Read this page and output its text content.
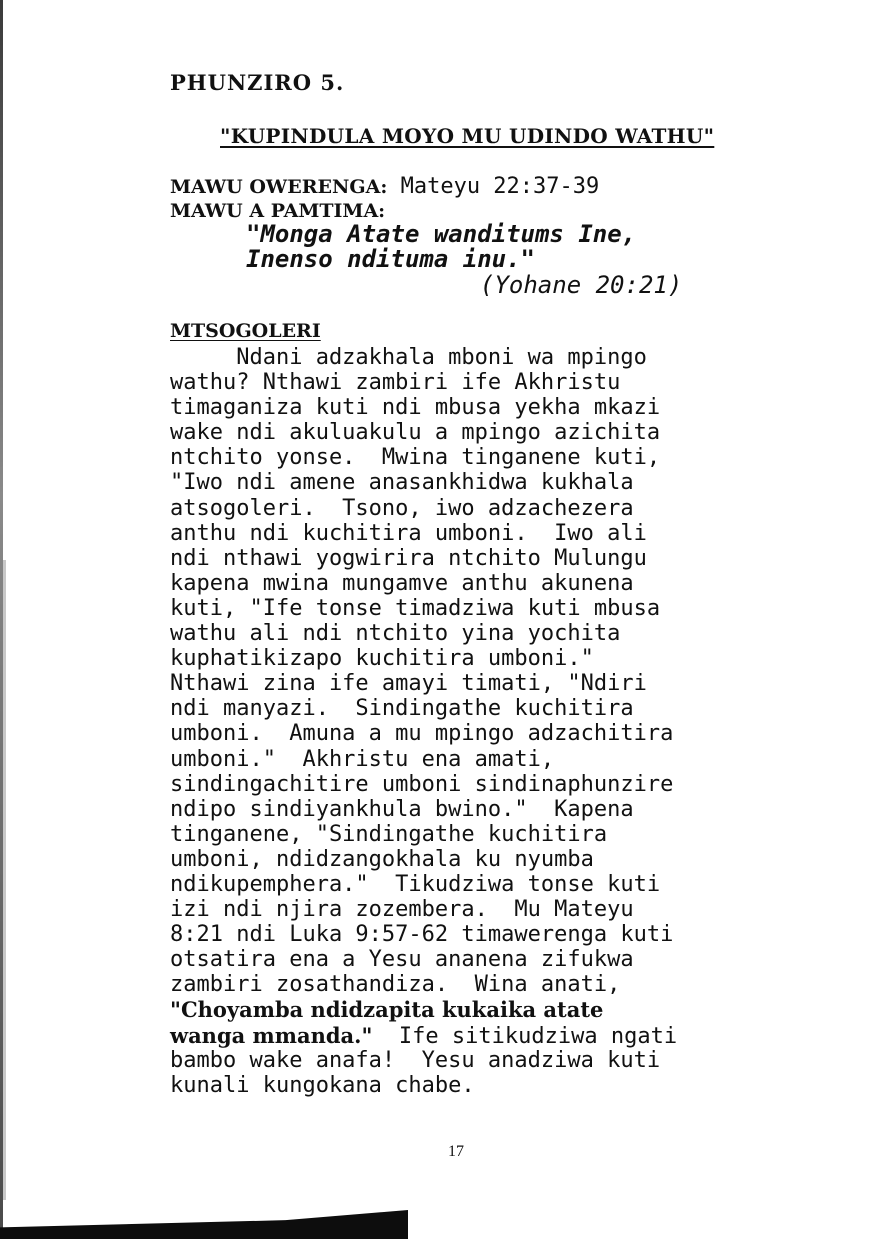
PHUNZIRO 5.
"KUPINDULA MOYO MU UDINDO WATHU"
MAWU OWERENGA: Mateyu 22:37-39
MAWU A PAMTIMA:
"Monga Atate wanditums Ine,
Inenso ndituma inu."
(Yohane 20:21)
MTSOGOLERI
Ndani adzakhala mboni wa mpingo
wathu? Nthawi zambiri ife Akhristu
timaganiza kuti ndi mbusa yekha mkazi
wake ndi akuluakulu a mpingo azichita
ntchito yonse.  Mwina tinganene kuti,
"Iwo ndi amene anasankhidwa kukhala
atsogoleri.  Tsono, iwo adzachezera
anthu ndi kuchitira umboni.  Iwo ali
ndi nthawi yogwirira ntchito Mulungu
kapena mwina mungamve anthu akunena
kuti, "Ife tonse timadziwa kuti mbusa
wathu ali ndi ntchito yina yochita
kuphatikizapo kuchitira umboni."
Nthawi zina ife amayi timati, "Ndiri
ndi manyazi.  Sindingathe kuchitira
umboni.  Amuna a mu mpingo adzachitira
umboni."  Akhristu ena amati,
sindingachitire umboni sindinaphunzire
ndipo sindiyankhula bwino."  Kapena
tinganene, "Sindingathe kuchitira
umboni, ndidzangokhala ku nyumba
ndikupemphera."  Tikudziwa tonse kuti
izi ndi njira zozembera.  Mu Mateyu
8:21 ndi Luka 9:57-62 timawerenga kuti
otsatira ena a Yesu ananena zifukwa
zambiri zosathandiza.  Wina anati,
"Choyamba ndidzapita kukaika atate
wanga mmanda."  Ife sitikudziwa ngati
bambo wake anafa!  Yesu anadziwa kuti
kunali kungokana chabe.
17
